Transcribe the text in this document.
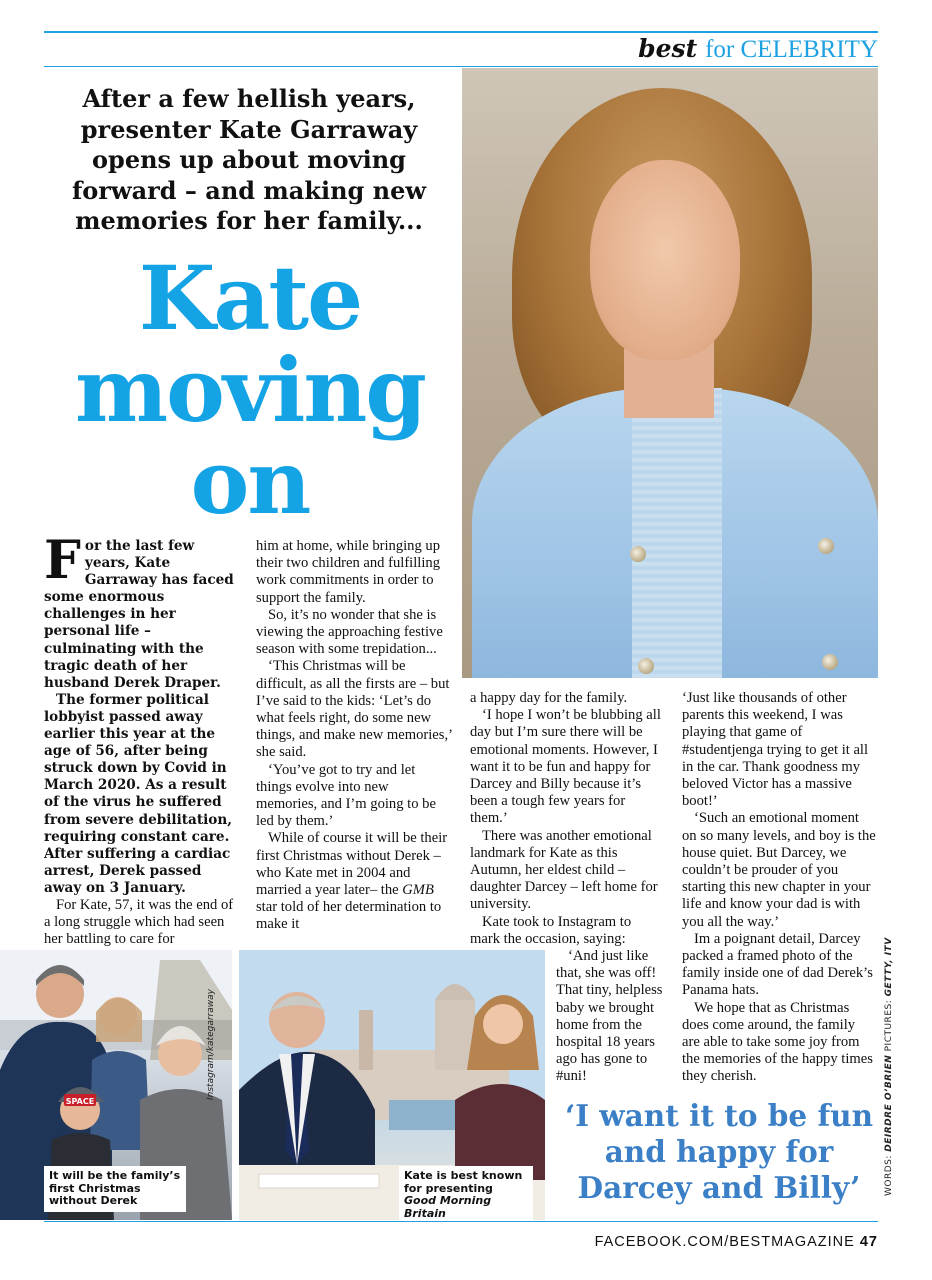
best for CELEBRITY
After a few hellish years, presenter Kate Garraway opens up about moving forward – and making new memories for her family...
Kate
moving
on

For the last few years, Kate Garraway has faced some enormous challenges in her personal life – culminating with the tragic death of her husband Derek Draper.

The former political lobbyist passed away earlier this year at the age of 56, after being struck down by Covid in March 2020. As a result of the virus he suffered from severe debilitation, requiring constant care. After suffering a cardiac arrest, Derek passed away on 3 January.

For Kate, 57, it was the end of a long struggle which had seen her battling to care for

him at home, while bringing up their two children and fulfilling work commitments in order to support the family.

So, it’s no wonder that she is viewing the approaching festive season with some trepidation...

‘This Christmas will be difficult, as all the firsts are – but I’ve said to the kids: ‘Let’s do what feels right, do some new things, and make new memories,’ she said.

‘You’ve got to try and let things evolve into new memories, and I’m going to be led by them.’

While of course it will be their first Christmas without Derek – who Kate met in 2004 and married a year later– the GMB star told of her determination to make it

a happy day for the family.

‘I hope I won’t be blubbing all day but I’m sure there will be emotional moments. However, I want it to be fun and happy for Darcey and Billy because it’s been a tough few years for them.’

There was another emotional landmark for Kate as this Autumn, her eldest child – daughter Darcey – left home for university.

Kate took to Instagram to mark the occasion, saying:

‘And just like that, she was off! That tiny, helpless baby we brought home from the hospital 18 years ago has gone to #uni!

‘Just like thousands of other parents this weekend, I was playing that game of #studentjenga trying to get it all in the car. Thank goodness my beloved Victor has a massive boot!’

‘Such an emotional moment on so many levels, and boy is the house quiet. But Darcey, we couldn’t be prouder of you starting this new chapter in your life and know your dad is with you all the way.’

Im a poignant detail, Darcey packed a framed photo of the family inside one of dad Derek’s Panama hats.

We hope that as Christmas does come around, the family are able to take some joy from the memories of the happy times they cherish.

SPACE
Instagram/kategarraway
It will be the family’s first Christmas without Derek
Kate is best known for presenting Good Morning Britain
‘I want it to be fun and happy for Darcey and Billy’
FACEBOOK.COM/BESTMAGAZINE 47
WORDS: DEIRDRE O’BRIEN PICTURES: GETTY, ITV
